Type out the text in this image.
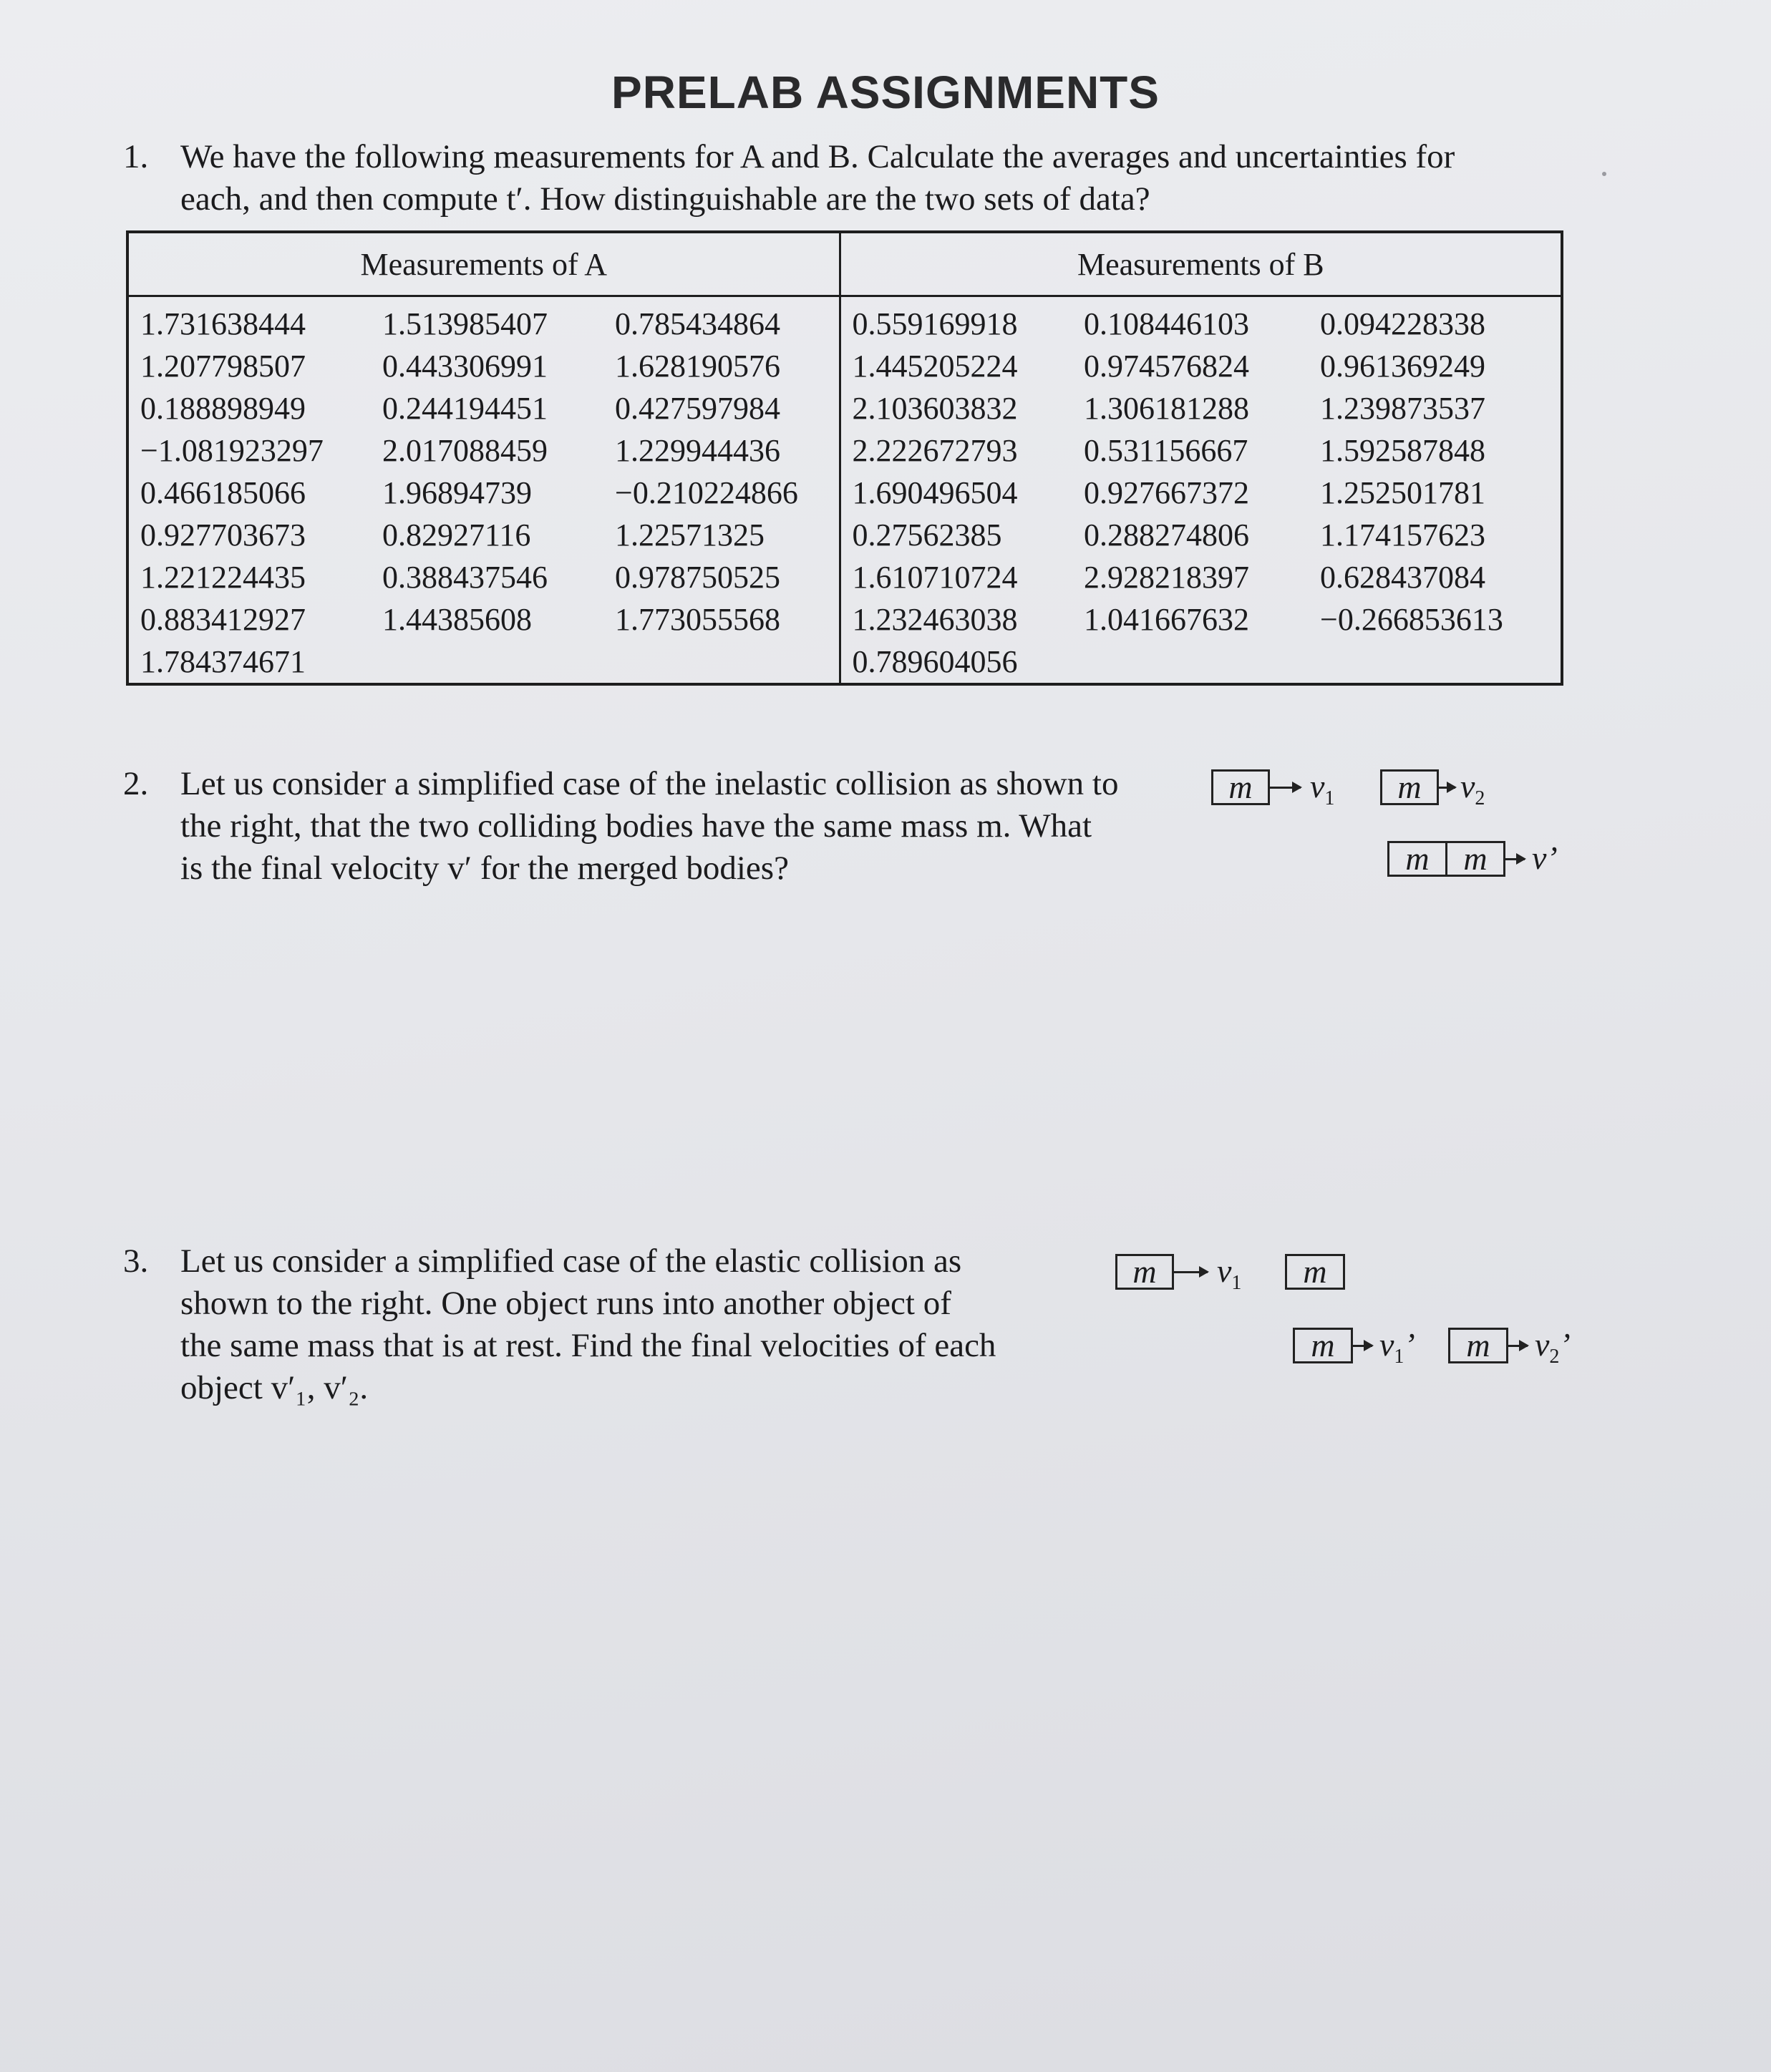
PRELAB ASSIGNMENTS
1. We have the following measurements for A and B. Calculate the averages and uncertainties for
each, and then compute t′. How distinguishable are the two sets of data?
Measurements of A			Measurements of B		
1.731638444	1.513985407	0.785434864	0.559169918	0.108446103	0.094228338
1.207798507	0.443306991	1.628190576	1.445205224	0.974576824	0.961369249
0.188898949	0.244194451	0.427597984	2.103603832	1.306181288	1.239873537
−1.081923297	2.017088459	1.229944436	2.222672793	0.531156667	1.592587848
0.466185066	1.96894739	−0.210224866	1.690496504	0.927667372	1.252501781
0.927703673	0.82927116	1.22571325	0.27562385	0.288274806	1.174157623
1.221224435	0.388437546	0.978750525	1.610710724	2.928218397	0.628437084
0.883412927	1.44385608	1.773055568	1.232463038	1.041667632	−0.266853613
1.784374671			0.789604056		
2. Let us consider a simplified case of the inelastic collision as shown to
the right, that the two colliding bodies have the same mass m. What
is the final velocity v′ for the merged bodies?
m	$v_1$	m	$v_2$
m	m	v’
3. Let us consider a simplified case of the elastic collision as
shown to the right. One object runs into another object of
the same mass that is at rest. Find the final velocities of each
object v′₁, v′₂.
m	$v_1$	m
m	$v_1$’	m	$v_2$’
